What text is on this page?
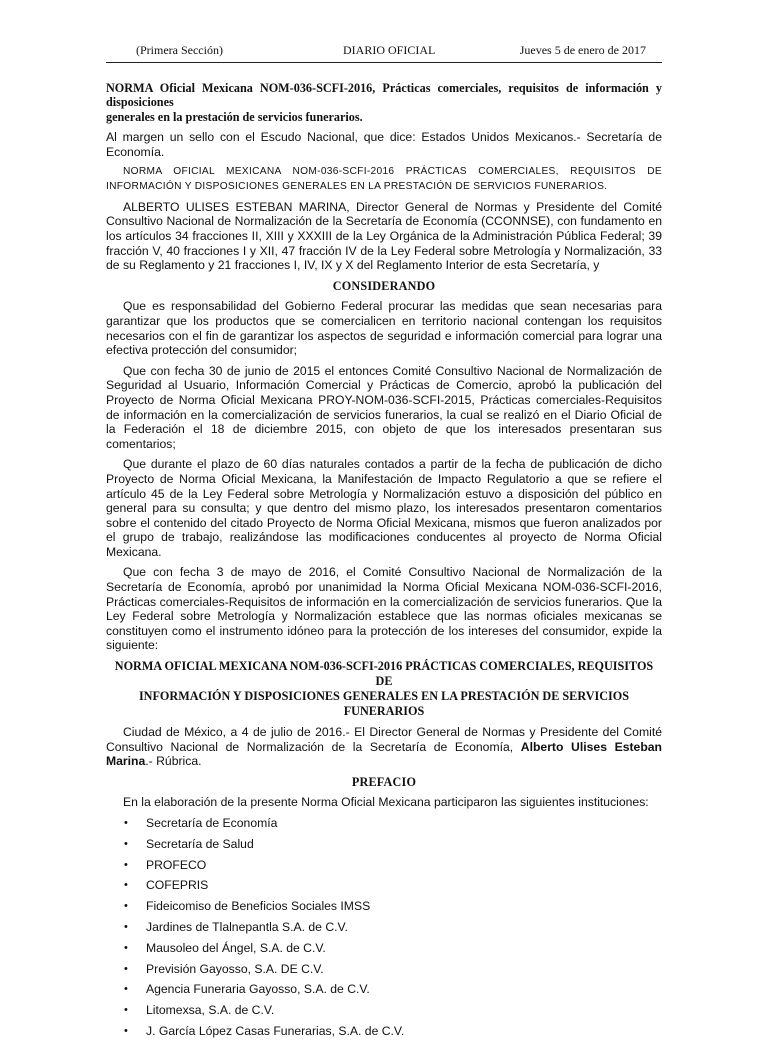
(Primera Sección)	DIARIO OFICIAL	Jueves 5 de enero de 2017

NORMA Oficial Mexicana NOM-036-SCFI-2016, Prácticas comerciales, requisitos de información y disposiciones
generales en la prestación de servicios funerarios.

Al margen un sello con el Escudo Nacional, que dice: Estados Unidos Mexicanos.- Secretaría de Economía.

NORMA OFICIAL MEXICANA NOM-036-SCFI-2016 PRÁCTICAS COMERCIALES, REQUISITOS DE INFORMACIÓN Y DISPOSICIONES GENERALES EN LA PRESTACIÓN DE SERVICIOS FUNERARIOS.

ALBERTO ULISES ESTEBAN MARINA, Director General de Normas y Presidente del Comité Consultivo Nacional de Normalización de la Secretaría de Economía (CCONNSE), con fundamento en los artículos 34 fracciones II, XIII y XXXIII de la Ley Orgánica de la Administración Pública Federal; 39 fracción V, 40 fracciones I y XII, 47 fracción IV de la Ley Federal sobre Metrología y Normalización, 33 de su Reglamento y 21 fracciones I, IV, IX y X del Reglamento Interior de esta Secretaría, y

CONSIDERANDO

Que es responsabilidad del Gobierno Federal procurar las medidas que sean necesarias para garantizar que los productos que se comercialicen en territorio nacional contengan los requisitos necesarios con el fin de garantizar los aspectos de seguridad e información comercial para lograr una efectiva protección del consumidor;

Que con fecha 30 de junio de 2015 el entonces Comité Consultivo Nacional de Normalización de Seguridad al Usuario, Información Comercial y Prácticas de Comercio, aprobó la publicación del Proyecto de Norma Oficial Mexicana PROY-NOM-036-SCFI-2015, Prácticas comerciales-Requisitos de información en la comercialización de servicios funerarios, la cual se realizó en el Diario Oficial de la Federación el 18 de diciembre 2015, con objeto de que los interesados presentaran sus comentarios;

Que durante el plazo de 60 días naturales contados a partir de la fecha de publicación de dicho Proyecto de Norma Oficial Mexicana, la Manifestación de Impacto Regulatorio a que se refiere el artículo 45 de la Ley Federal sobre Metrología y Normalización estuvo a disposición del público en general para su consulta; y que dentro del mismo plazo, los interesados presentaron comentarios sobre el contenido del citado Proyecto de Norma Oficial Mexicana, mismos que fueron analizados por el grupo de trabajo, realizándose las modificaciones conducentes al proyecto de Norma Oficial Mexicana.

Que con fecha 3 de mayo de 2016, el Comité Consultivo Nacional de Normalización de la Secretaría de Economía, aprobó por unanimidad la Norma Oficial Mexicana NOM-036-SCFI-2016, Prácticas comerciales-Requisitos de información en la comercialización de servicios funerarios. Que la Ley Federal sobre Metrología y Normalización establece que las normas oficiales mexicanas se constituyen como el instrumento idóneo para la protección de los intereses del consumidor, expide la siguiente:

NORMA OFICIAL MEXICANA NOM-036-SCFI-2016 PRÁCTICAS COMERCIALES, REQUISITOS DE
INFORMACIÓN Y DISPOSICIONES GENERALES EN LA PRESTACIÓN DE SERVICIOS FUNERARIOS

Ciudad de México, a 4 de julio de 2016.- El Director General de Normas y Presidente del Comité Consultivo Nacional de Normalización de la Secretaría de Economía, Alberto Ulises Esteban Marina.- Rúbrica.

PREFACIO

En la elaboración de la presente Norma Oficial Mexicana participaron las siguientes instituciones:

• Secretaría de Economía
• Secretaría de Salud
• PROFECO
• COFEPRIS
• Fideicomiso de Beneficios Sociales IMSS
• Jardines de Tlalnepantla S.A. de C.V.
• Mausoleo del Ángel, S.A. de C.V.
• Previsión Gayosso, S.A. DE C.V.
• Agencia Funeraria Gayosso, S.A. de C.V.
• Litomexsa, S.A. de C.V.
• J. García López Casas Funerarias, S.A. de C.V.
